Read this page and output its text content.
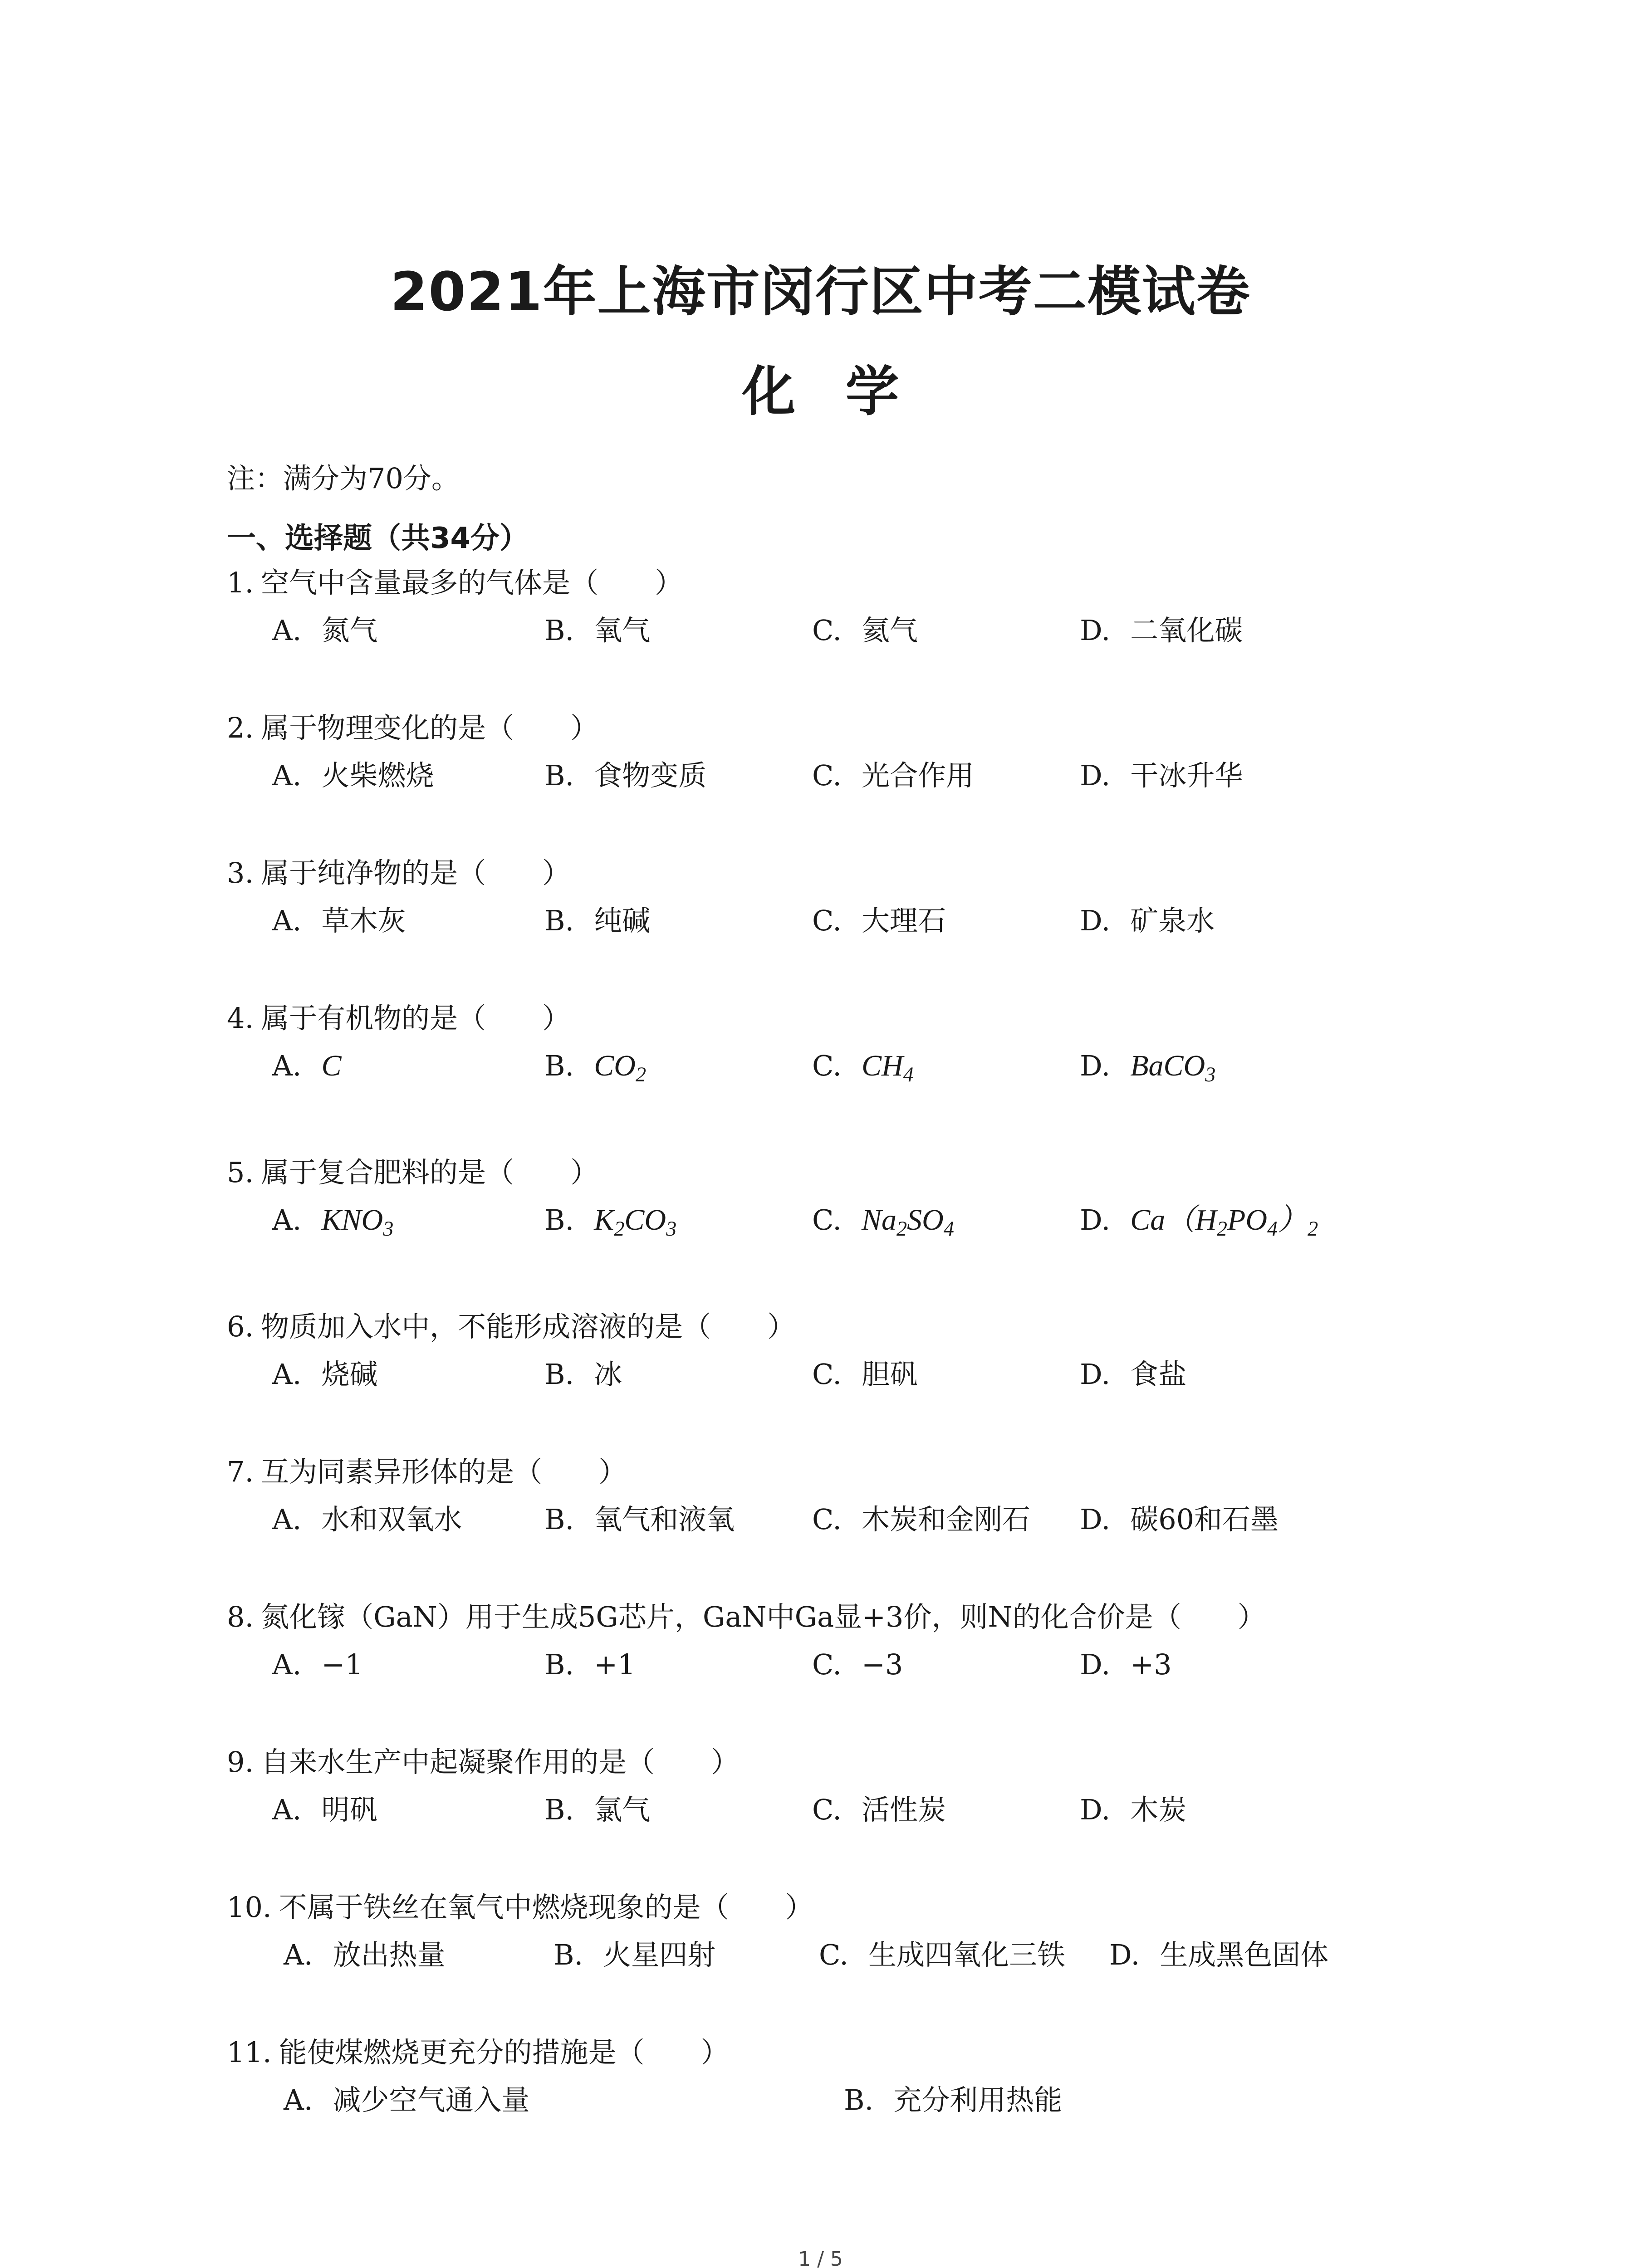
2021年上海市闵行区中考二模试卷
化学
注：满分为70分。
一、选择题（共34分）
1. 空气中含量最多的气体是（　　）
A. 氮气	B. 氧气	C. 氦气	D. 二氧化碳
2. 属于物理变化的是（　　）
A. 火柴燃烧	B. 食物变质	C. 光合作用	D. 干冰升华
3. 属于纯净物的是（　　）
A. 草木灰	B. 纯碱	C. 大理石	D. 矿泉水
4. 属于有机物的是（　　）
A. C	B. $CO_2$	C. $CH_4$	D. BaCO$_3$
5. 属于复合肥料的是（　　）
A. $KNO_3$	B. $K_2CO_3$	C. $Na_2SO_4$	D. $Ca(H_2PO_4)_2$
6. 物质加入水中，不能形成溶液的是（　　）
A. 烧碱	B. 冰	C. 胆矾	D. 食盐
7. 互为同素异形体的是（　　）
A. 水和双氧水	B. 氧气和液氧	C. 木炭和金刚石 D. 碳60和石墨
8. 氮化镓（GaN）用于生成5G芯片，GaN中Ga显+3价，则N的化合价是（　　）
A. −1	B. +1	C. −3	D. +3
9. 自来水生产中起凝聚作用的是（　　）
A. 明矾	B. 氯气	C. 活性炭	D. 木炭
10. 不属于铁丝在氧气中燃烧现象的是（　　）
A. 放出热量	B. 火星四射	C. 生成四氧化三铁 D. 生成黑色固体
11. 能使煤燃烧更充分的措施是（　　）
A. 减少空气通入量	B. 充分利用热能
1 / 5
